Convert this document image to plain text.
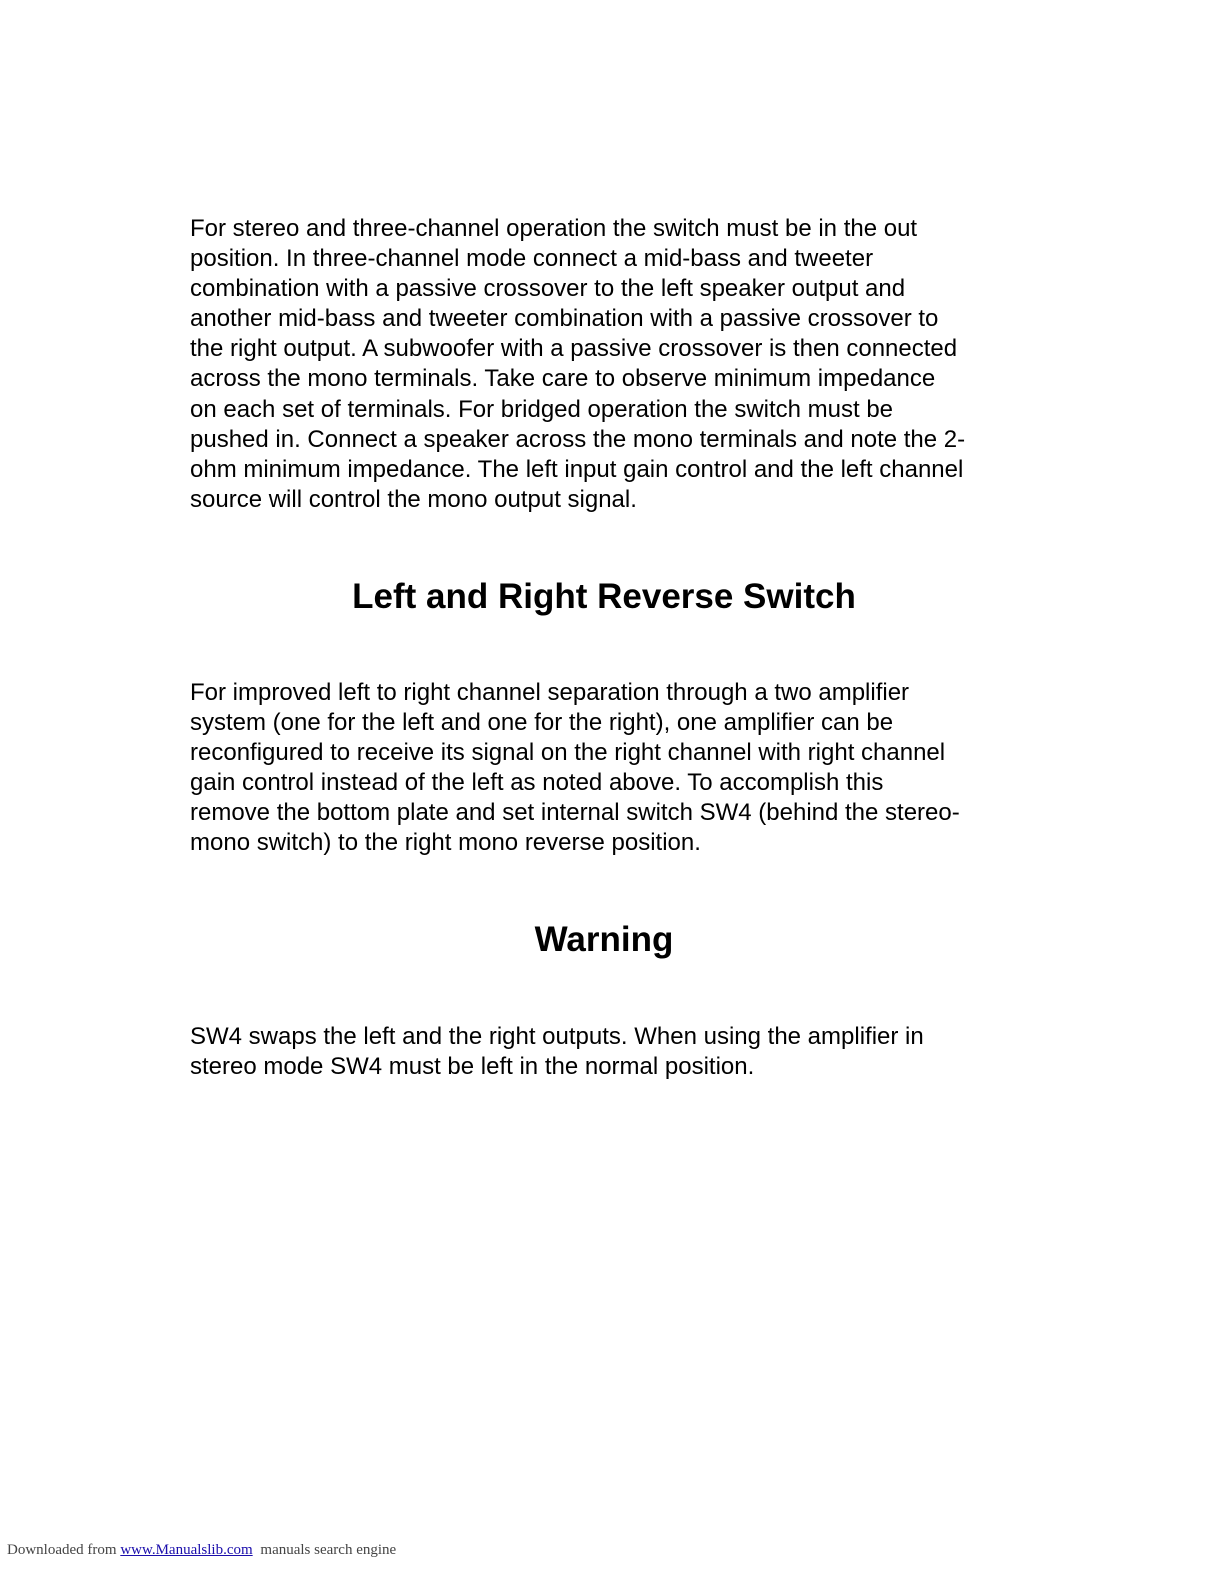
For stereo and three-channel operation the switch must be in the out
position. In three-channel mode connect a mid-bass and tweeter
combination with a passive crossover to the left speaker output and
another mid-bass and tweeter combination with a passive crossover to
the right output. A subwoofer with a passive crossover is then connected
across the mono terminals. Take care to observe minimum impedance
on each set of terminals. For bridged operation the switch must be
pushed in. Connect a speaker across the mono terminals and note the 2-
ohm minimum impedance. The left input gain control and the left channel
source will control the mono output signal.

Left and Right Reverse Switch

For improved left to right channel separation through a two amplifier
system (one for the left and one for the right), one amplifier can be
reconfigured to receive its signal on the right channel with right channel
gain control instead of the left as noted above. To accomplish this
remove the bottom plate and set internal switch SW4 (behind the stereo-
mono switch) to the right mono reverse position.

Warning

SW4 swaps the left and the right outputs. When using the amplifier in
stereo mode SW4 must be left in the normal position.

Downloaded from www.Manualslib.com manuals search engine
